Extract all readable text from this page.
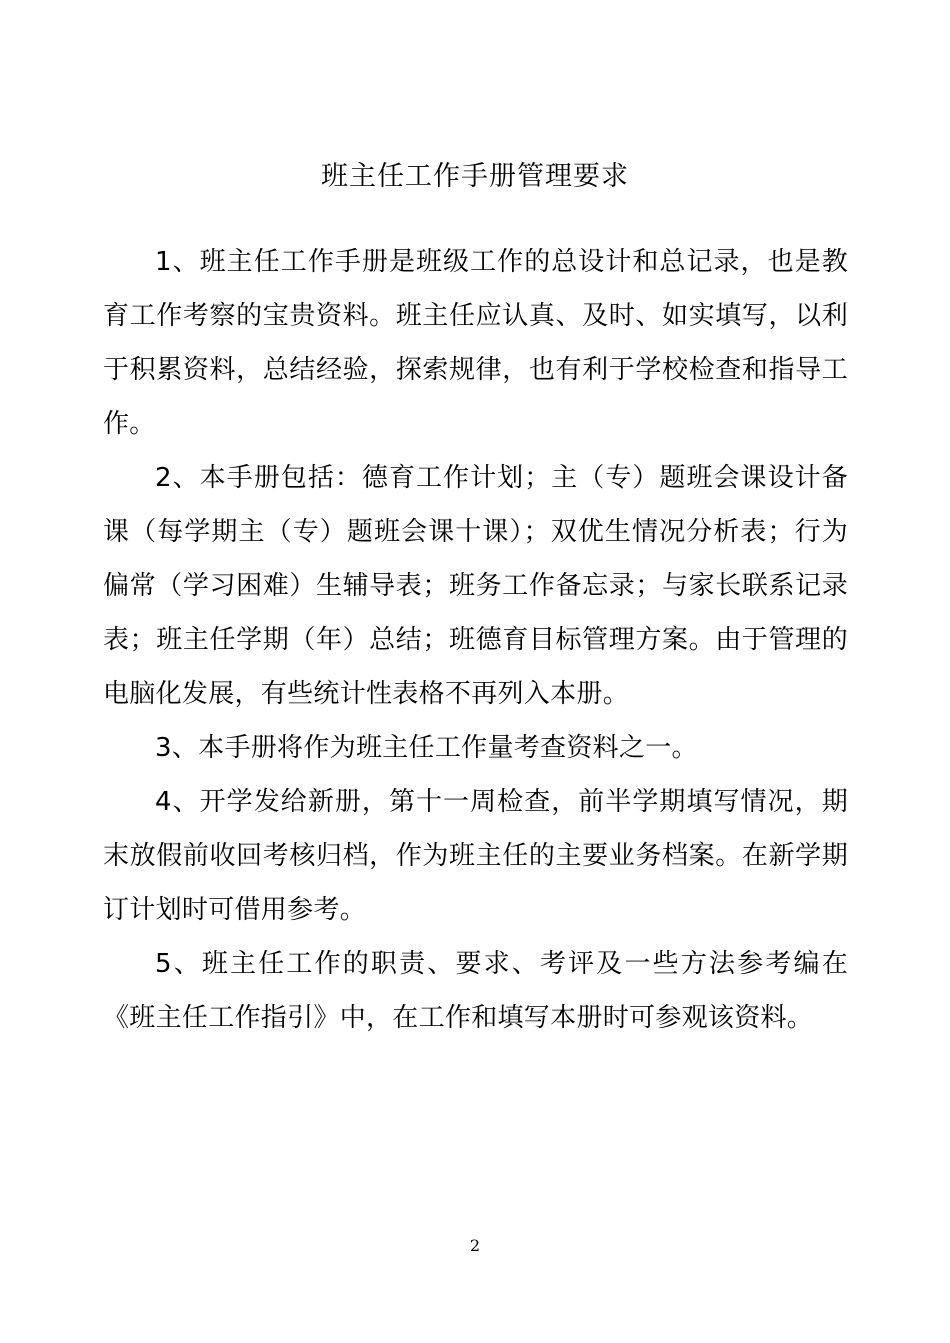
班主任工作手册管理要求

1、班主任工作手册是班级工作的总设计和总记录，也是教育工作考察的宝贵资料。班主任应认真、及时、如实填写，以利于积累资料，总结经验，探索规律，也有利于学校检查和指导工作。

2、本手册包括：德育工作计划；主（专）题班会课设计备课（每学期主（专）题班会课十课）；双优生情况分析表；行为偏常（学习困难）生辅导表；班务工作备忘录；与家长联系记录表；班主任学期（年）总结；班德育目标管理方案。由于管理的电脑化发展，有些统计性表格不再列入本册。

3、本手册将作为班主任工作量考查资料之一。

4、开学发给新册，第十一周检查，前半学期填写情况，期末放假前收回考核归档，作为班主任的主要业务档案。在新学期订计划时可借用参考。

5、班主任工作的职责、要求、考评及一些方法参考编在《班主任工作指引》中，在工作和填写本册时可参观该资料。

2
